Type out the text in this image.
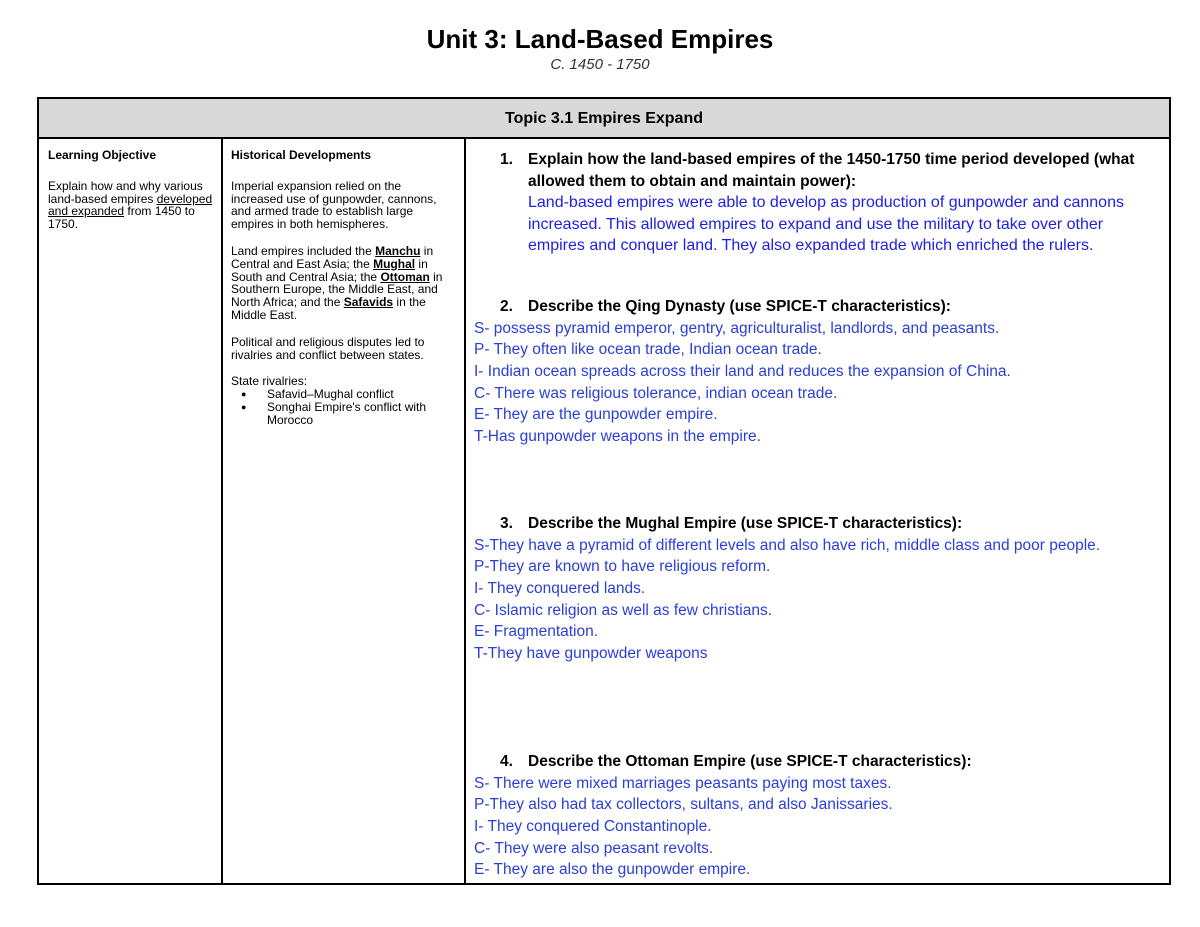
Unit 3: Land-Based Empires
C. 1450 - 1750
Topic 3.1 Empires Expand
Learning Objective

Explain how and why various land-based empires developed and expanded from 1450 to 1750.

Historical Developments

Imperial expansion relied on the increased use of gunpowder, cannons, and armed trade to establish large empires in both hemispheres.

Land empires included the Manchu in Central and East Asia; the Mughal in South and Central Asia; the Ottoman in Southern Europe, the Middle East, and North Africa; and the Safavids in the Middle East.

Political and religious disputes led to rivalries and conflict between states.

State rivalries:
● Safavid–Mughal conflict
● Songhai Empire's conflict with Morocco
1. Explain how the land-based empires of the 1450-1750 time period developed (what allowed them to obtain and maintain power):
Land-based empires were able to develop as production of gunpowder and cannons increased. This allowed empires to expand and use the military to take over other empires and conquer land. They also expanded trade which enriched the rulers.
2. Describe the Qing Dynasty (use SPICE-T characteristics):
S- possess pyramid emperor, gentry, agriculturalist, landlords, and peasants.
P- They often like ocean trade, Indian ocean trade.
I- Indian ocean spreads across their land and reduces the expansion of China.
C- There was religious tolerance, indian ocean trade.
E- They are the gunpowder empire.
T-Has gunpowder weapons in the empire.
3. Describe the Mughal Empire (use SPICE-T characteristics):
S-They have a pyramid of different levels and also have rich, middle class and poor people.
P-They are known to have religious reform.
I- They conquered lands.
C- Islamic religion as well as few christians.
E- Fragmentation.
T-They have gunpowder weapons
4. Describe the Ottoman Empire (use SPICE-T characteristics):
S- There were mixed marriages peasants paying most taxes.
P-They also had tax collectors, sultans, and also Janissaries.
I- They conquered Constantinople.
C- They were also peasant revolts.
E- They are also the gunpowder empire.
